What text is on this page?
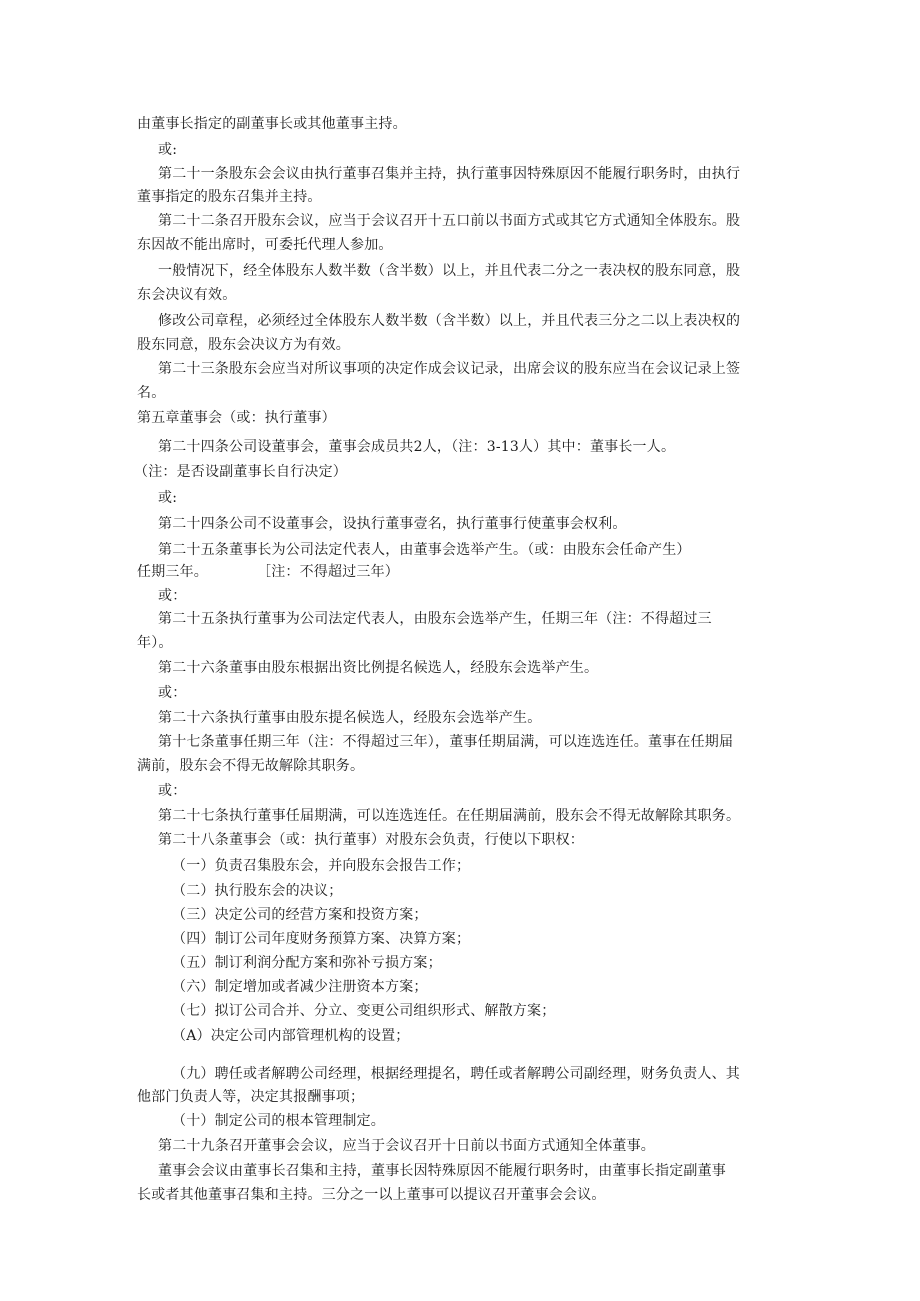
由董事长指定的副董事长或其他董事主持。
或:
第二十一条股东会会议由执行董事召集并主持，执行董事因特殊原因不能履行职务时，由执行
董事指定的股东召集并主持。
第二十二条召开股东会议，应当于会议召开十五口前以书面方式或其它方式通知全体股东。股
东因故不能出席时，可委托代理人参加。
一般情况下，经全体股东人数半数（含半数）以上，并且代表二分之一表决权的股东同意，股
东会决议有效。
修改公司章程，必须经过全体股东人数半数（含半数）以上，并且代表三分之二以上表决权的
股东同意，股东会决议方为有效。
第二十三条股东会应当对所议事项的决定作成会议记录，出席会议的股东应当在会议记录上签
名。
第五章董事会（或：执行董事）
第二十四条公司设董事会，董事会成员共2人，（注：3-13人）其中：董事长一人。
（注：是否设副董事长自行决定）
或:
第二十四条公司不设董事会，设执行董事壹名，执行董事行使董事会权利。
第二十五条董事长为公司法定代表人，由董事会选举产生。（或：由股东会任命产生）
任期三年。	［注：不得超过三年）
或：
第二十五条执行董事为公司法定代表人，由股东会选举产生，任期三年（注：不得超过三
年）。
第二十六条董事由股东根据出资比例提名候选人，经股东会选举产生。
或：
第二十六条执行董事由股东提名候选人，经股东会选举产生。
第十七条董事任期三年（注：不得超过三年），董事任期届满，可以连选连任。董事在任期届
满前，股东会不得无故解除其职务。
或：
第二十七条执行董事任届期满，可以连选连任。在任期届满前，股东会不得无故解除其职务。
第二十八条董事会（或：执行董事）对股东会负责，行使以下职权：
（一）负责召集股东会，并向股东会报告工作；
（二）执行股东会的决议；
（三）决定公司的经营方案和投资方案；
（四）制订公司年度财务预算方案、决算方案；
（五）制订利润分配方案和弥补亏损方案；
（六）制定增加或者减少注册资本方案；
（七）拟订公司合并、分立、变更公司组织形式、解散方案；
（A）决定公司内部管理机构的设置；
（九）聘任或者解聘公司经理，根据经理提名，聘任或者解聘公司副经理，财务负责人、其
他部门负责人等，决定其报酬事项；
（十）制定公司的根本管理制定。
第二十九条召开董事会会议，应当于会议召开十日前以书面方式通知全体董事。
董事会会议由董事长召集和主持，董事长因特殊原因不能履行职务时，由董事长指定副董事
长或者其他董事召集和主持。三分之一以上董事可以提议召开董事会会议。
